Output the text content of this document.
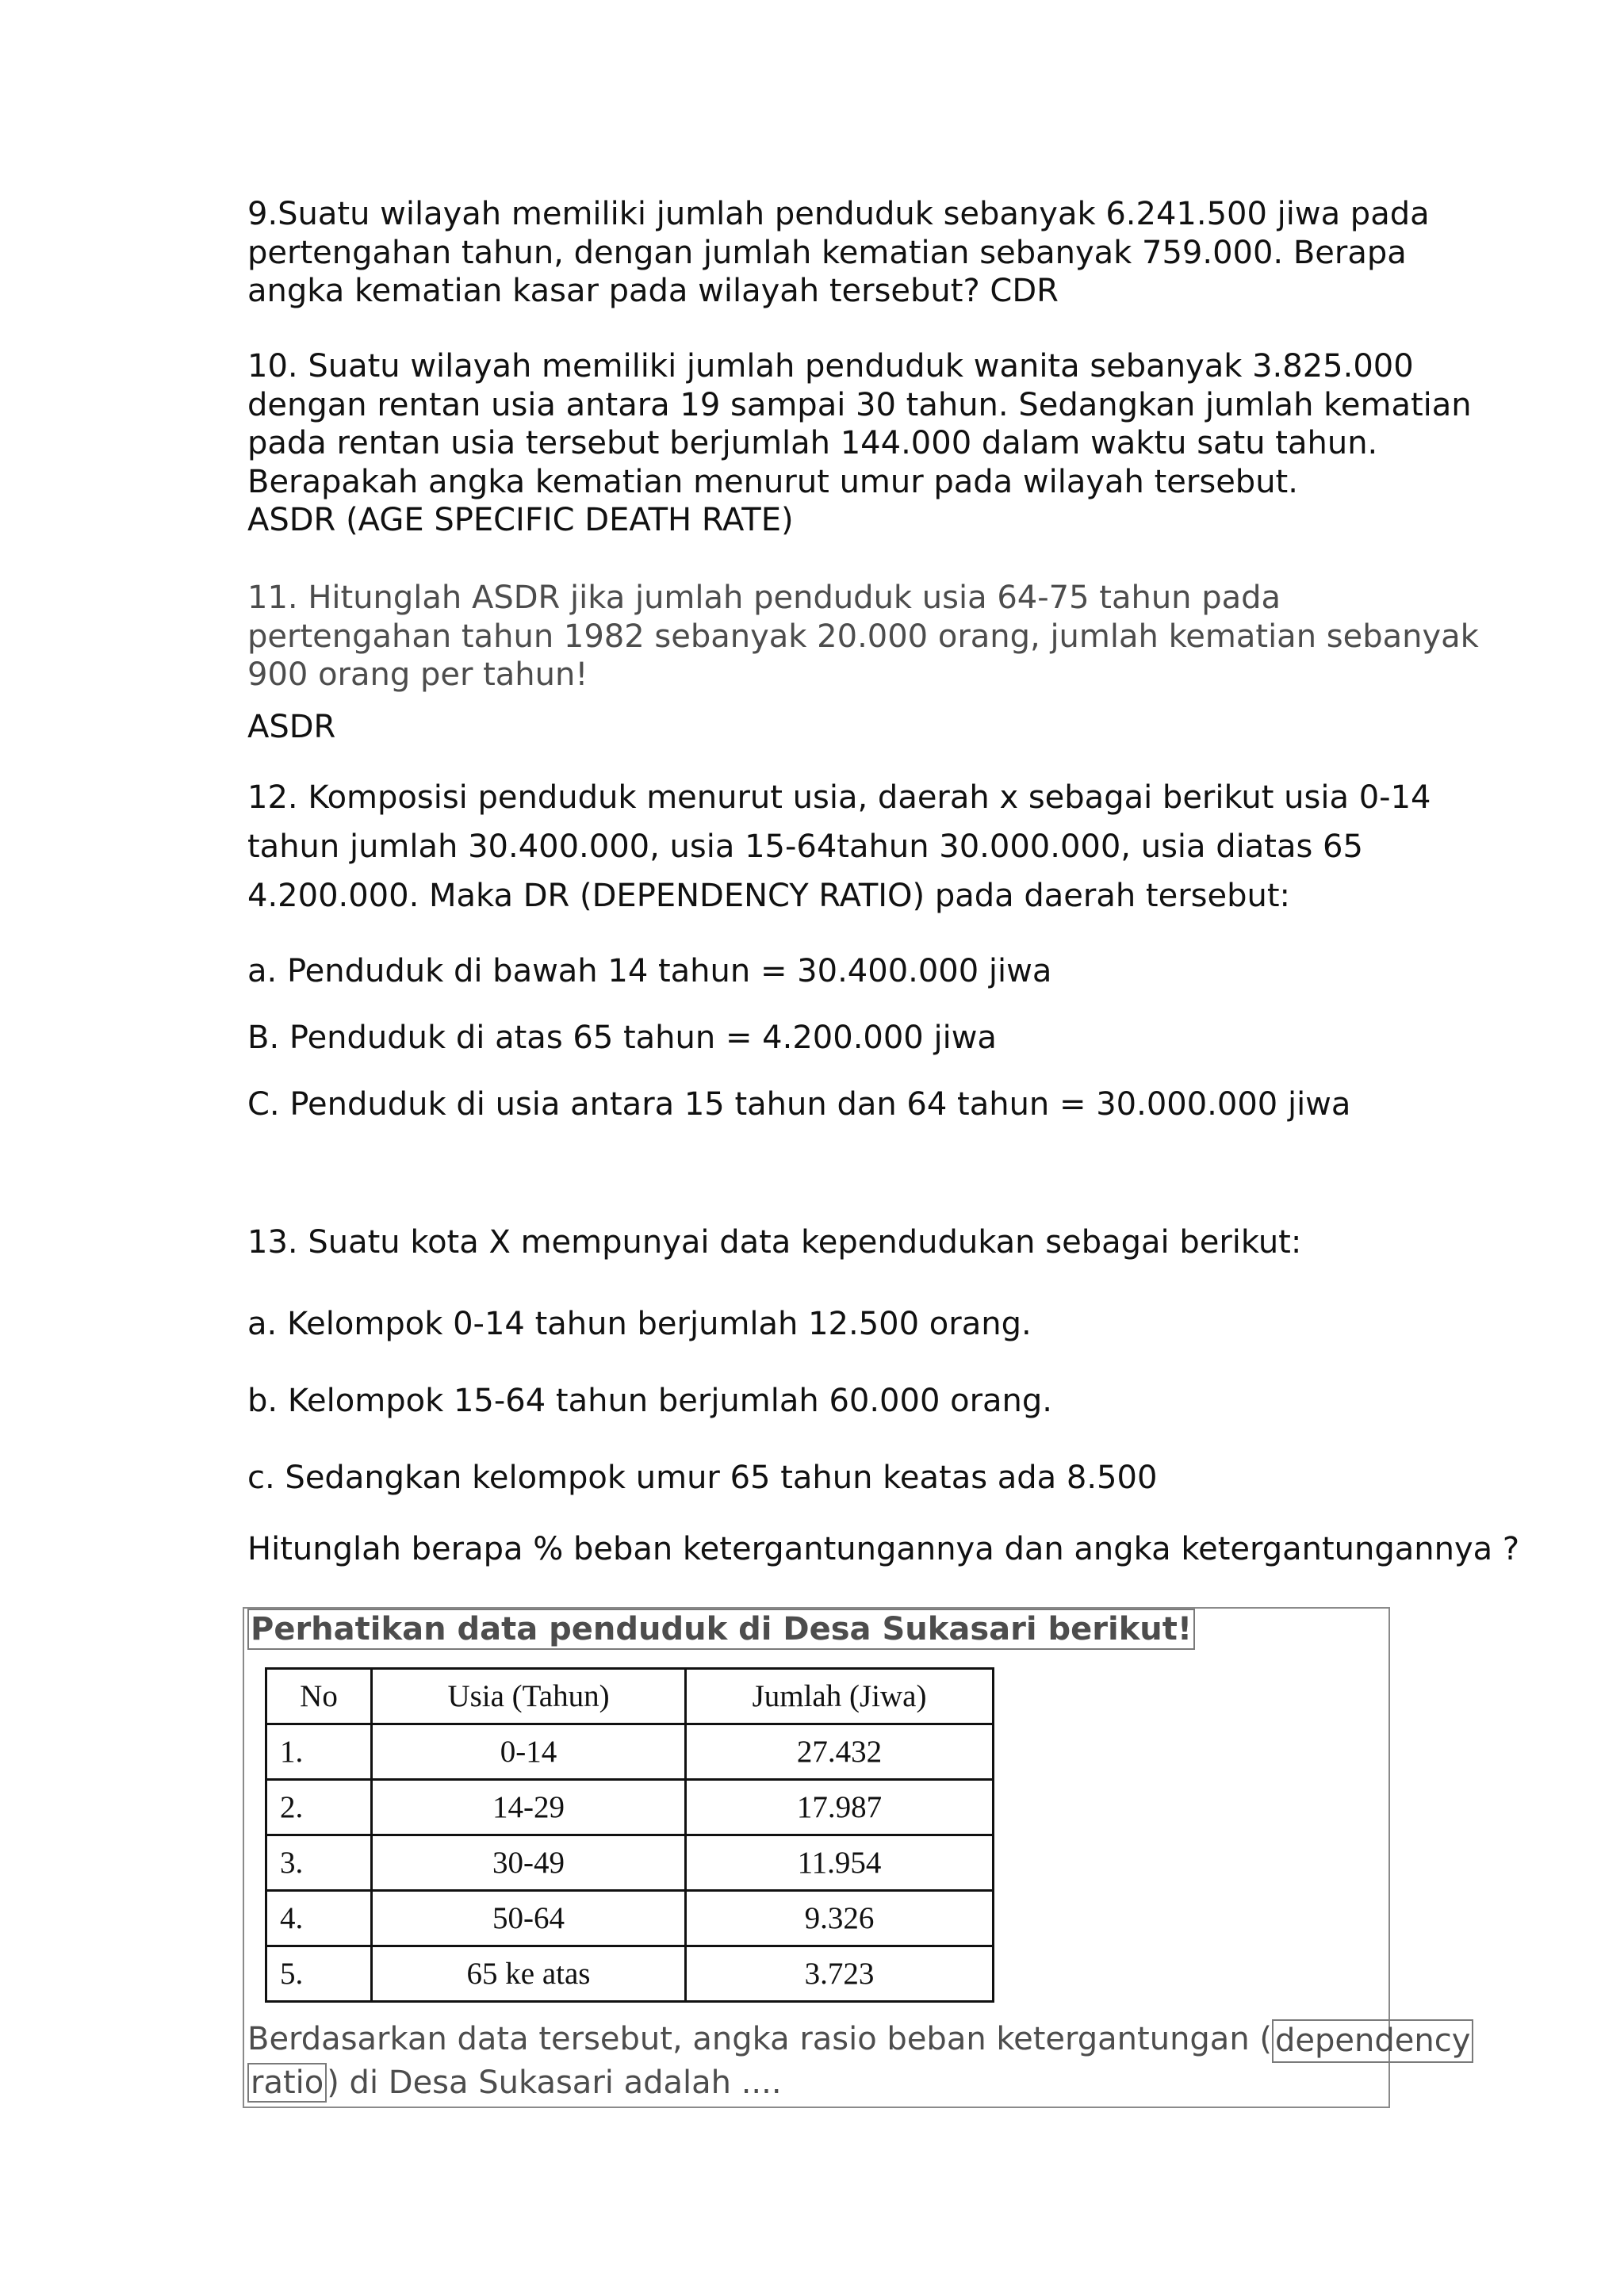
9.Suatu wilayah memiliki jumlah penduduk sebanyak 6.241.500 jiwa pada
pertengahan tahun, dengan jumlah kematian sebanyak 759.000. Berapa
angka kematian kasar pada wilayah tersebut? CDR
10. Suatu wilayah memiliki jumlah penduduk wanita sebanyak 3.825.000
dengan rentan usia antara 19 sampai 30 tahun. Sedangkan jumlah kematian
pada rentan usia tersebut berjumlah 144.000 dalam waktu satu tahun.
Berapakah angka kematian menurut umur pada wilayah tersebut.
ASDR (AGE SPECIFIC DEATH RATE)
11. Hitunglah ASDR jika jumlah penduduk usia 64-75 tahun pada
pertengahan tahun 1982 sebanyak 20.000 orang, jumlah kematian sebanyak
900 orang per tahun!
ASDR
12. Komposisi penduduk menurut usia, daerah x sebagai berikut usia 0-14
tahun jumlah 30.400.000, usia 15-64tahun 30.000.000, usia diatas 65
4.200.000. Maka DR (DEPENDENCY RATIO) pada daerah tersebut:
a. Penduduk di bawah 14 tahun = 30.400.000 jiwa
B. Penduduk di atas 65 tahun = 4.200.000 jiwa
C. Penduduk di usia antara 15 tahun dan 64 tahun = 30.000.000 jiwa
13. Suatu kota X mempunyai data kependudukan sebagai berikut:
a. Kelompok 0-14 tahun berjumlah 12.500 orang.
b. Kelompok 15-64 tahun berjumlah 60.000 orang.
c. Sedangkan kelompok umur 65 tahun keatas ada 8.500
Hitunglah berapa % beban ketergantungannya dan angka ketergantungannya ?
Perhatikan data penduduk di Desa Sukasari berikut!
No	Usia (Tahun)	Jumlah (Jiwa)
1.	0-14	27.432
2.	14-29	17.987
3.	30-49	11.954
4.	50-64	9.326
5.	65 ke atas	3.723
Berdasarkan data tersebut, angka rasio beban ketergantungan ( dependency
ratio ) di Desa Sukasari adalah ....
